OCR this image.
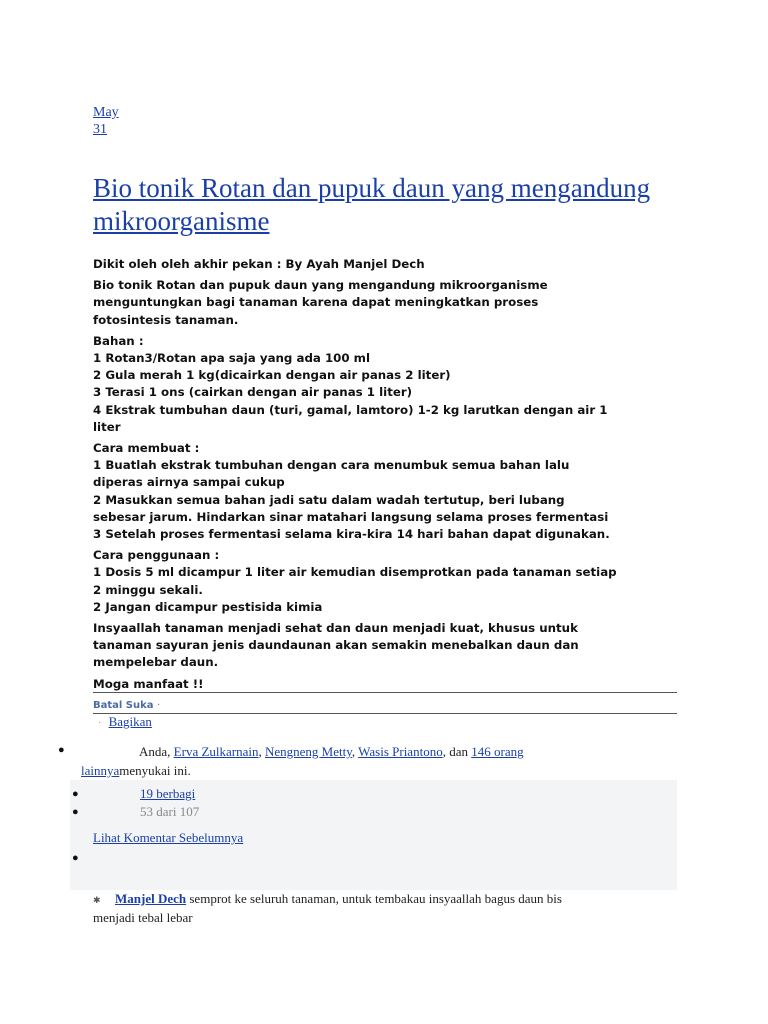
May
31
Bio tonik Rotan dan pupuk daun yang mengandung mikroorganisme

Dikit oleh oleh akhir pekan : By Ayah Manjel Dech

Bio tonik Rotan dan pupuk daun yang mengandung mikroorganisme
menguntungkan bagi tanaman karena dapat meningkatkan proses
fotosintesis tanaman.

Bahan :
1 Rotan3/Rotan apa saja yang ada 100 ml
2 Gula merah 1 kg(dicairkan dengan air panas 2 liter)
3 Terasi 1 ons (cairkan dengan air panas 1 liter)
4 Ekstrak tumbuhan daun (turi, gamal, lamtoro) 1-2 kg larutkan dengan air 1
liter

Cara membuat :
1 Buatlah ekstrak tumbuhan dengan cara menumbuk semua bahan lalu
diperas airnya sampai cukup
2 Masukkan semua bahan jadi satu dalam wadah tertutup, beri lubang
sebesar jarum. Hindarkan sinar matahari langsung selama proses fermentasi
3 Setelah proses fermentasi selama kira-kira 14 hari bahan dapat digunakan.

Cara penggunaan :
1 Dosis 5 ml dicampur 1 liter air kemudian disemprotkan pada tanaman setiap
2 minggu sekali.
2 Jangan dicampur pestisida kimia

Insyaallah tanaman menjadi sehat dan daun menjadi kuat, khusus untuk
tanaman sayuran jenis daundaunan akan semakin menebalkan daun dan
mempelebar daun.

Moga manfaat !!

Batal Suka ·
· Bagikan
●	Anda, Erva Zulkarnain, Nengneng Metty, Wasis Priantono, dan 146 orang
lainnyamenyukai ini.
●	19 berbagi
●	53 dari 107
Lihat Komentar Sebelumnya
●
✱ Manjel Dech semprot ke seluruh tanaman, untuk tembakau insyaallah bagus daun bis
menjadi tebal lebar
